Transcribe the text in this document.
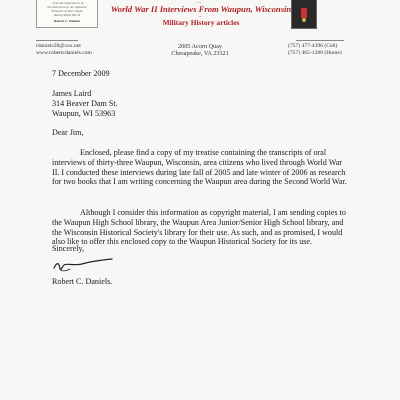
...from the Experiences of
the Americans to the Japanese
Prisoners of War Camps
during World War II
Robert C. Daniels
~ ~
World War II Interviews From Waupun, Wisconsin
~
Military History articles
rdaniels28@cox.net
www.robertcdaniels.com
2005 Acorn Quay
Chesapeake, VA 23321
(757) 477-4396 (Cell)
(757) 465-1288 (Home)
7 December 2009
James Laird
314 Beaver Dam St.
Waupun, WI 53963
Dear Jim,
Enclosed, please find a copy of my treatise containing the transcripts of oral interviews of thirty-three Waupun, Wisconsin, area citizens who lived through World War II. I conducted these interviews during late fall of 2005 and late winter of 2006 as research for two books that I am writing concerning the Waupun area during the Second World War.
Although I consider this information as copyright material, I am sending copies to the Waupun High School library, the Waupun Area Junior/Senior High School library, and the Wisconsin Historical Society's library for their use. As such, and as promised, I would also like to offer this enclosed copy to the Waupun Historical Society for its use.
Sincerely,
Robert C. Daniels.
